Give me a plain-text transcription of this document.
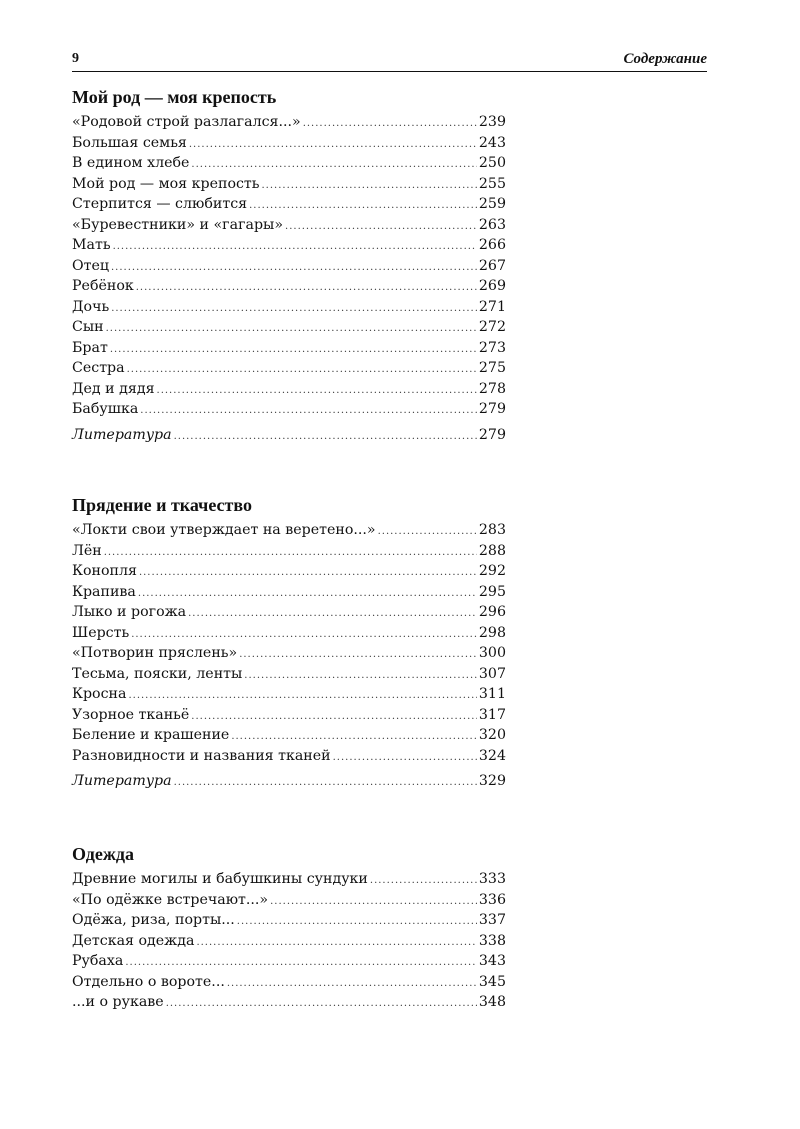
9	Содержание
Мой род — моя крепость
«Родовой строй разлагался...» .....	239
Большая семья .....	243
В едином хлебе .....	250
Мой род — моя крепость .....	255
Стерпится — слюбится .....	259
«Буревестники» и «гагары» .....	263
Мать .....	266
Отец .....	267
Ребёнок .....	269
Дочь .....	271
Сын .....	272
Брат .....	273
Сестра .....	275
Дед и дядя .....	278
Бабушка .....	279
Литература .....	279
Прядение и ткачество
«Локти свои утверждает на веретено...» .....	283
Лён .....	288
Конопля .....	292
Крапива .....	295
Лыко и рогожа .....	296
Шерсть .....	298
«Потворин пряслень» .....	300
Тесьма, пояски, ленты .....	307
Кросна .....	311
Узорное тканьё .....	317
Беление и крашение .....	320
Разновидности и названия тканей .....	324
Литература .....	329
Одежда
Древние могилы и бабушкины сундуки .....	333
«По одёжке встречают...» .....	336
Одёжа, риза, порты... .....	337
Детская одежда .....	338
Рубаха .....	343
Отдельно о вороте... .....	345
...и о рукаве .....	348
